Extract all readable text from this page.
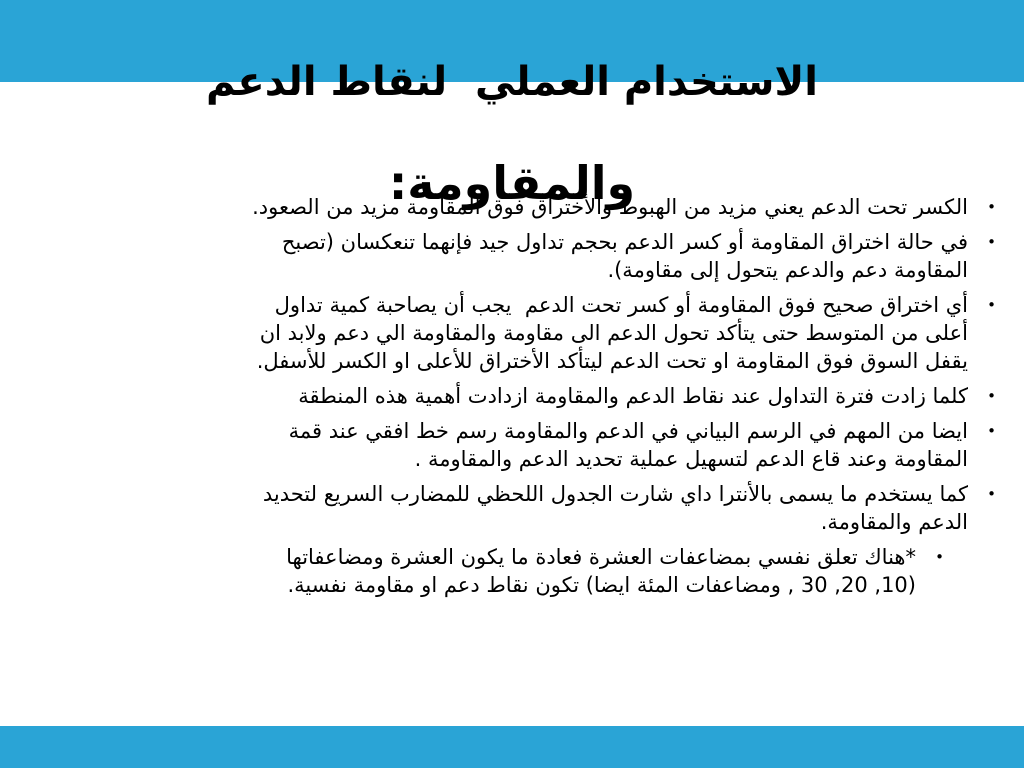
الاستخدام العملي  لنقاط الدعم

والمقاومة:

	•
الكسر تحت الدعم يعني مزيد من الهبوط والأختراق فوق المقاومة مزيد من الصعود.
•
في حالة اختراق المقاومة أو كسر الدعم بحجم تداول جيد فإنهما تنعكسان (تصبح المقاومة دعم والدعم يتحول إلى مقاومة).
•
أي اختراق صحيح فوق المقاومة أو كسر تحت الدعم  يجب أن يصاحبة كمية تداول أعلى من المتوسط حتى يتأكد تحول الدعم الى مقاومة والمقاومة الي دعم ولابد ان يقفل السوق فوق المقاومة او تحت الدعم ليتأكد الأختراق للأعلى او الكسر للأسفل.
•
كلما زادت فترة التداول عند نقاط الدعم والمقاومة ازدادت أهمية هذه المنطقة
•
ايضا من المهم في الرسم البياني في الدعم والمقاومة رسم خط افقي عند قمة المقاومة وعند قاع الدعم لتسهيل عملية تحديد الدعم والمقاومة .
•
كما يستخدم ما يسمى بالأنترا داي شارت الجدول اللحظي للمضارب السريع لتحديد الدعم والمقاومة.
•
*هناك تعلق نفسي بمضاعفات العشرة فعادة ما يكون العشرة ومضاعفاتها (10, 20, 30 , ومضاعفات المئة ايضا) تكون نقاط دعم او مقاومة نفسية.
